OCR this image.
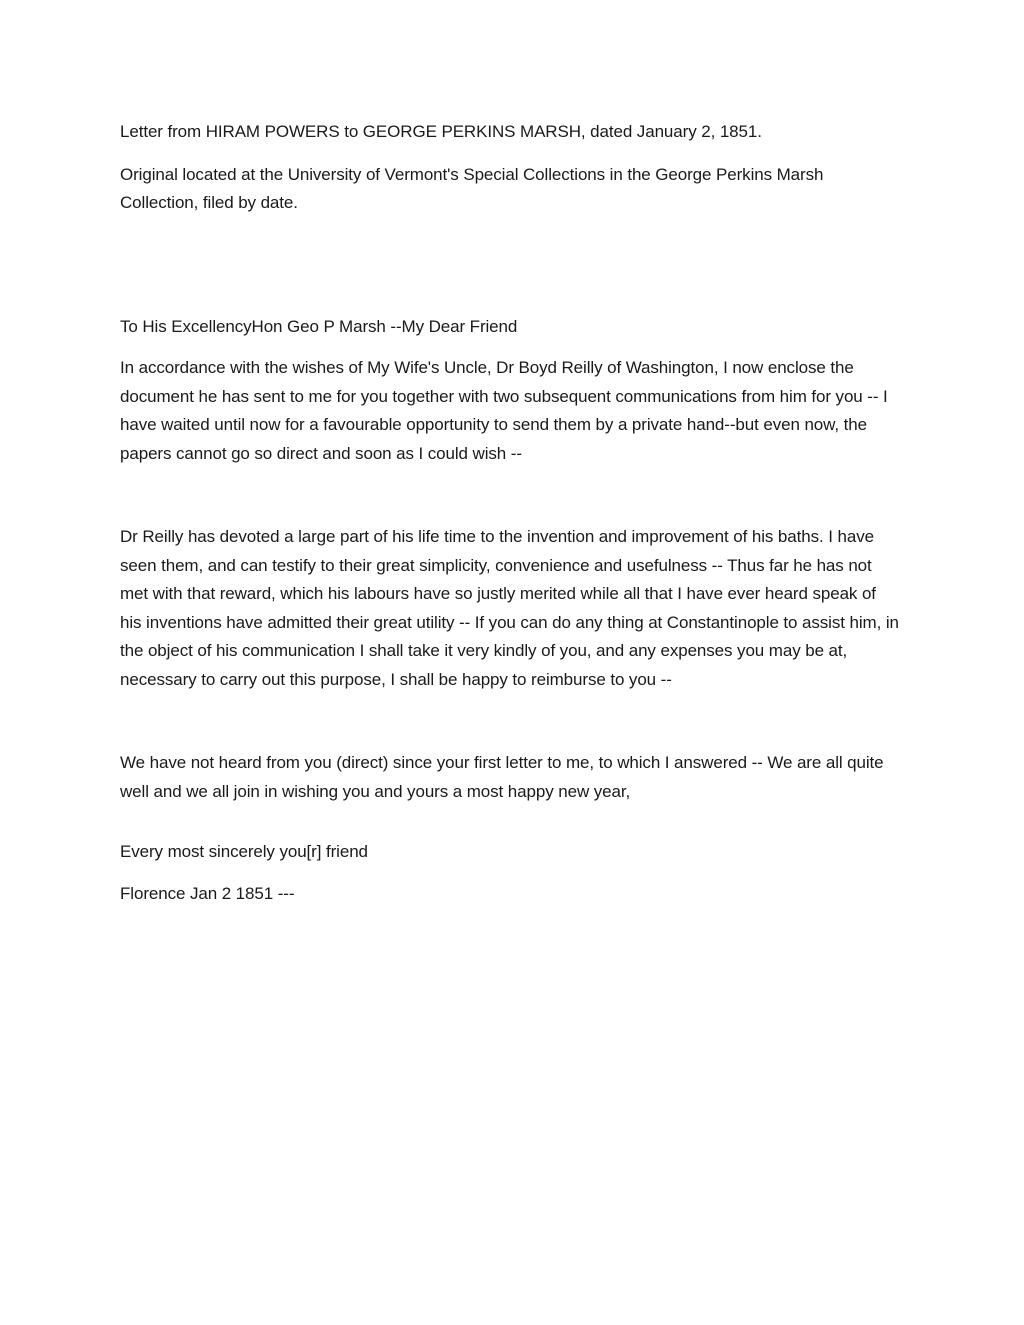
Letter from HIRAM POWERS to GEORGE PERKINS MARSH, dated January 2, 1851.

Original located at the University of Vermont's Special Collections in the George Perkins Marsh Collection, filed by date.

To His ExcellencyHon Geo P Marsh --My Dear Friend

In accordance with the wishes of My Wife's Uncle, Dr Boyd Reilly of Washington, I now enclose the document he has sent to me for you together with two subsequent communications from him for you -- I have waited until now for a favourable opportunity to send them by a private hand--but even now, the papers cannot go so direct and soon as I could wish --

Dr Reilly has devoted a large part of his life time to the invention and improvement of his baths. I have seen them, and can testify to their great simplicity, convenience and usefulness -- Thus far he has not met with that reward, which his labours have so justly merited while all that I have ever heard speak of his inventions have admitted their great utility -- If you can do any thing at Constantinople to assist him, in the object of his communication I shall take it very kindly of you, and any expenses you may be at, necessary to carry out this purpose, I shall be happy to reimburse to you --

We have not heard from you (direct) since your first letter to me, to which I answered -- We are all quite well and we all join in wishing you and yours a most happy new year,

Every most sincerely you[r] friend

Florence Jan 2 1851 ---
